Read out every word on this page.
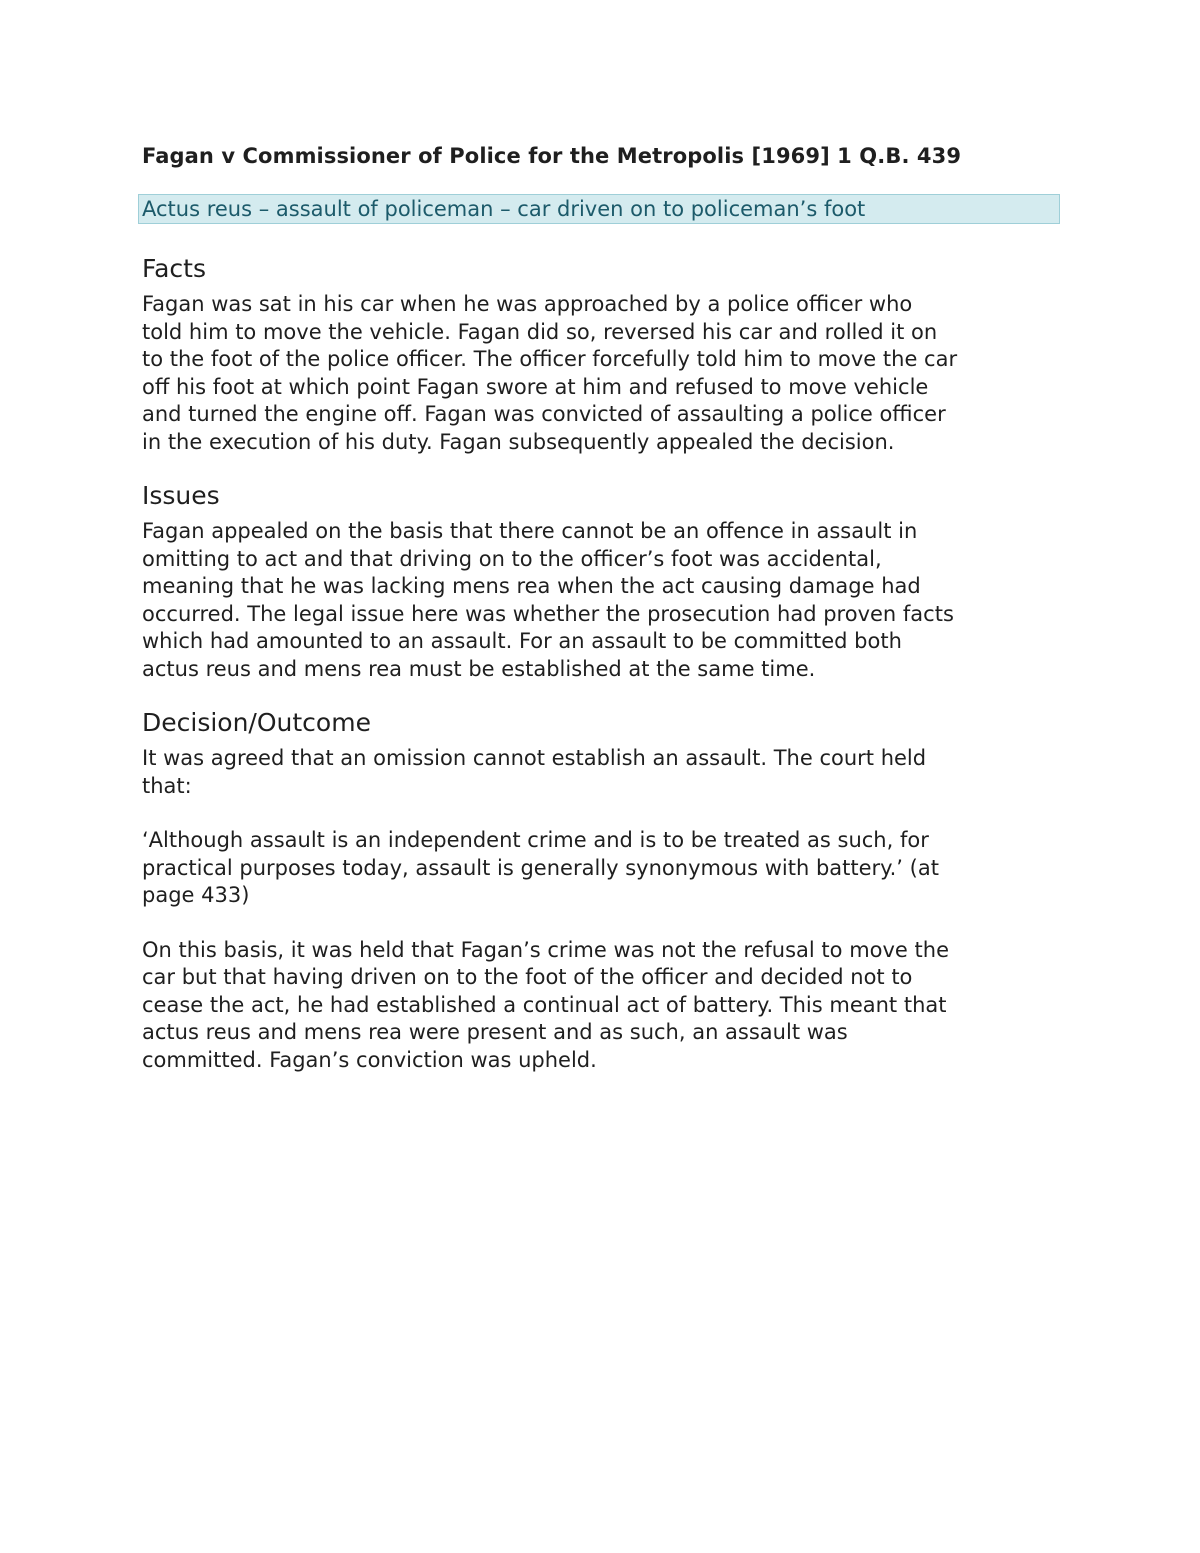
Fagan v Commissioner of Police for the Metropolis [1969] 1 Q.B. 439
Actus reus – assault of policeman – car driven on to policeman’s foot
Facts

Fagan was sat in his car when he was approached by a police officer who
told him to move the vehicle. Fagan did so, reversed his car and rolled it on
to the foot of the police officer. The officer forcefully told him to move the car
off his foot at which point Fagan swore at him and refused to move vehicle
and turned the engine off. Fagan was convicted of assaulting a police officer
in the execution of his duty. Fagan subsequently appealed the decision.

Issues

Fagan appealed on the basis that there cannot be an offence in assault in
omitting to act and that driving on to the officer’s foot was accidental,
meaning that he was lacking mens rea when the act causing damage had
occurred. The legal issue here was whether the prosecution had proven facts
which had amounted to an assault. For an assault to be committed both
actus reus and mens rea must be established at the same time.

Decision/Outcome

It was agreed that an omission cannot establish an assault. The court held
that:

‘Although assault is an independent crime and is to be treated as such, for
practical purposes today, assault is generally synonymous with battery.’ (at
page 433)

On this basis, it was held that Fagan’s crime was not the refusal to move the
car but that having driven on to the foot of the officer and decided not to
cease the act, he had established a continual act of battery. This meant that
actus reus and mens rea were present and as such, an assault was
committed. Fagan’s conviction was upheld.
